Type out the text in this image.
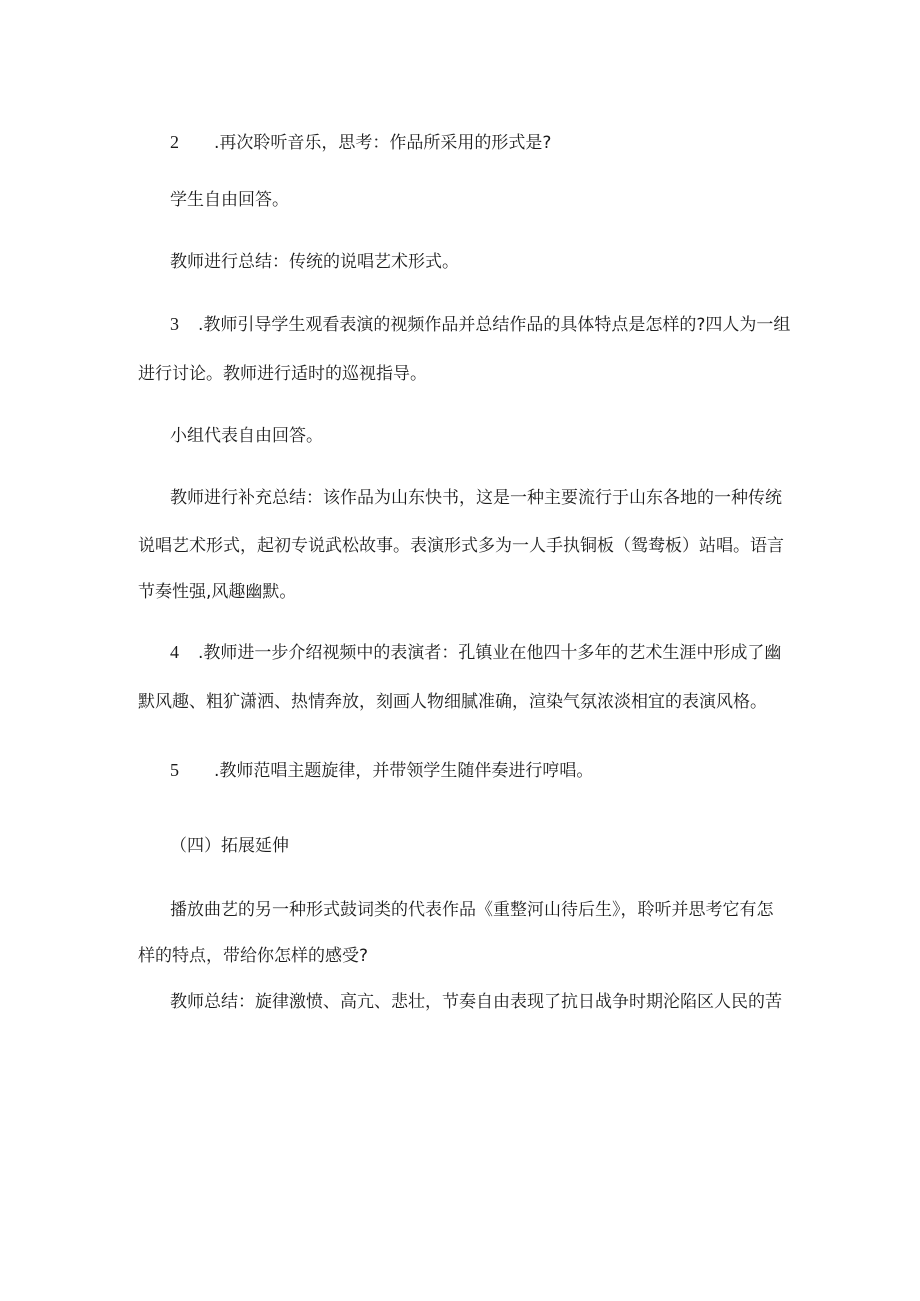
2 .再次聆听音乐，思考：作品所采用的形式是?
学生自由回答。
教师进行总结：传统的说唱艺术形式。
3 .教师引导学生观看表演的视频作品并总结作品的具体特点是怎样的?四人为一组
进行讨论。教师进行适时的巡视指导。
小组代表自由回答。
教师进行补充总结：该作品为山东快书，这是一种主要流行于山东各地的一种传统
说唱艺术形式，起初专说武松故事。表演形式多为一人手执铜板（鸳鸯板）站唱。语言
节奏性强,风趣幽默。
4 .教师进一步介绍视频中的表演者：孔镇业在他四十多年的艺术生涯中形成了幽
默风趣、粗犷潇洒、热情奔放，刻画人物细腻准确，渲染气氛浓淡相宜的表演风格。
5 .教师范唱主题旋律，并带领学生随伴奏进行哼唱。
（四）拓展延伸
播放曲艺的另一种形式鼓词类的代表作品《重整河山待后生》，聆听并思考它有怎
样的特点，带给你怎样的感受?
教师总结：旋律激愤、高亢、悲壮，节奏自由表现了抗日战争时期沦陷区人民的苦
